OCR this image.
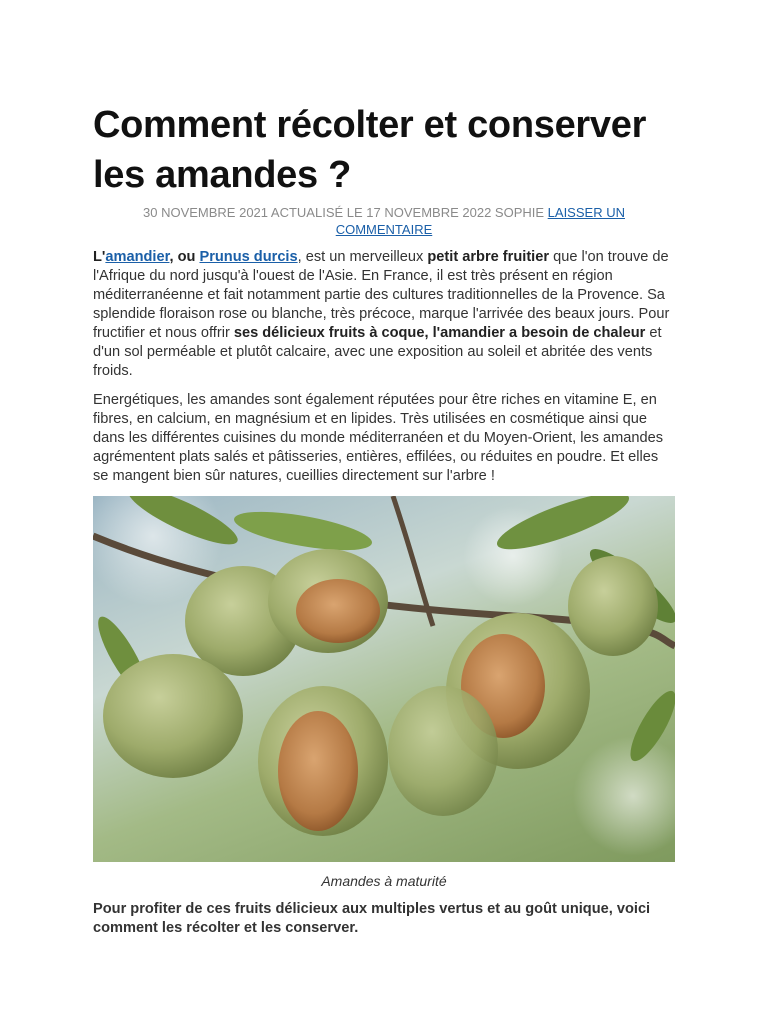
Comment récolter et conserver les amandes ?
30 NOVEMBRE 2021 ACTUALISÉ LE 17 NOVEMBRE 2022 SOPHIE LAISSER UN COMMENTAIRE

L'amandier, ou Prunus durcis, est un merveilleux petit arbre fruitier que l'on trouve de l'Afrique du nord jusqu'à l'ouest de l'Asie. En France, il est très présent en région méditerranéenne et fait notamment partie des cultures traditionnelles de la Provence. Sa splendide floraison rose ou blanche, très précoce, marque l'arrivée des beaux jours. Pour fructifier et nous offrir ses délicieux fruits à coque, l'amandier a besoin de chaleur et d'un sol perméable et plutôt calcaire, avec une exposition au soleil et abritée des vents froids.

Energétiques, les amandes sont également réputées pour être riches en vitamine E, en fibres, en calcium, en magnésium et en lipides. Très utilisées en cosmétique ainsi que dans les différentes cuisines du monde méditerranéen et du Moyen-Orient, les amandes agrémentent plats salés et pâtisseries, entières, effilées, ou réduites en poudre. Et elles se mangent bien sûr natures, cueillies directement sur l'arbre !

Amandes à maturité

Pour profiter de ces fruits délicieux aux multiples vertus et au goût unique, voici comment les récolter et les conserver.
